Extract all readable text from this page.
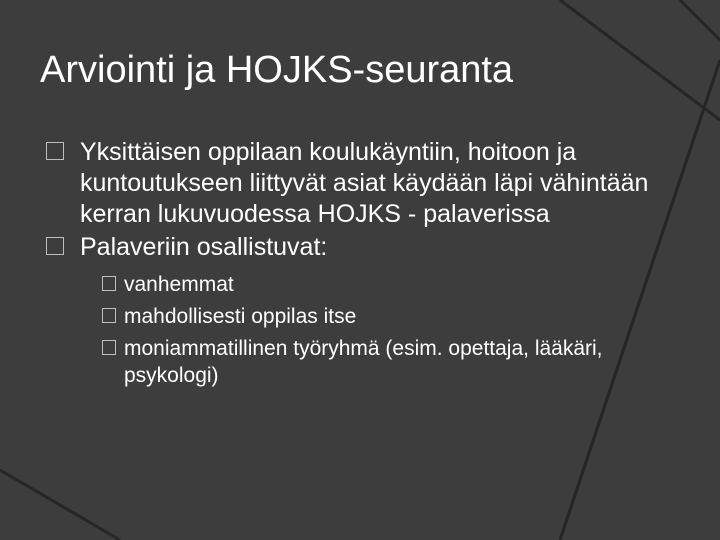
Arviointi ja HOJKS-seuranta
Yksittäisen oppilaan koulukäyntiin, hoitoon ja kuntoutukseen liittyvät asiat käydään läpi vähintään kerran lukuvuodessa HOJKS - palaverissa
Palaveriin osallistuvat:
vanhemmat
mahdollisesti oppilas itse
moniammatillinen työryhmä (esim. opettaja, lääkäri, psykologi)
